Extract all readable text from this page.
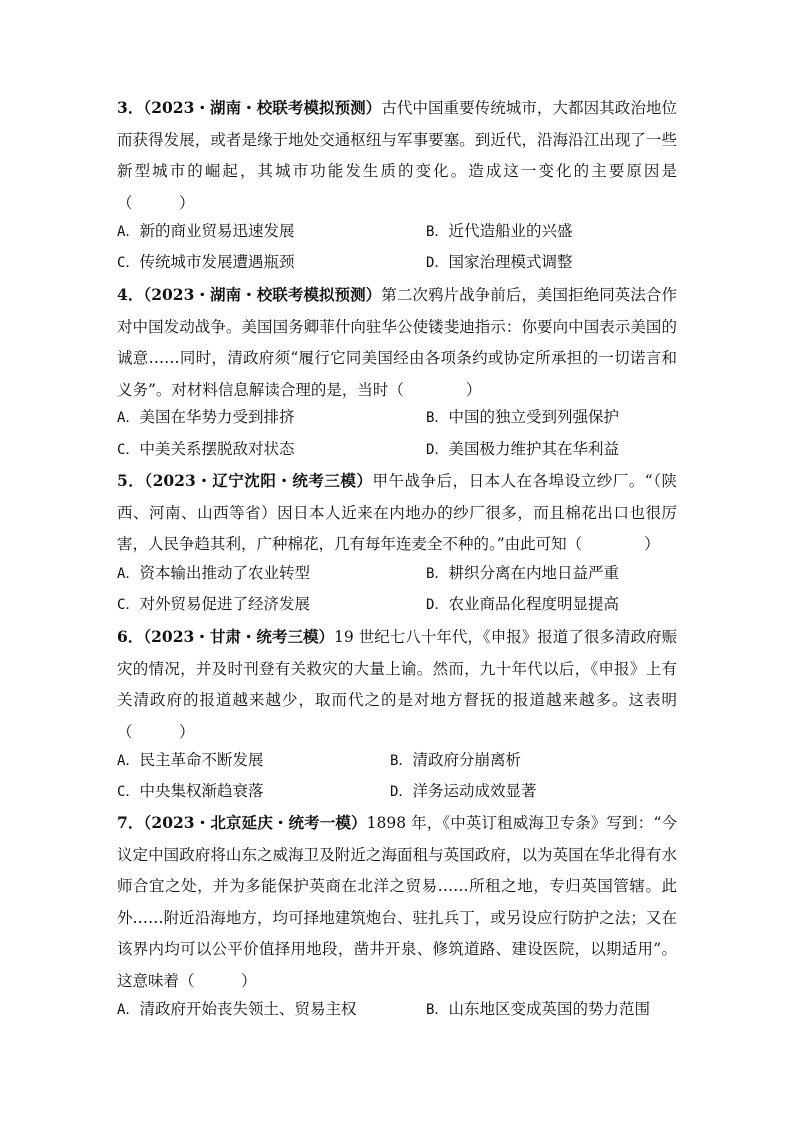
3．（2023・湖南・校联考模拟预测）古代中国重要传统城市，大都因其政治地位而获得发展，或者是缘于地处交通枢纽与军事要塞。到近代，沿海沿江出现了一些新型城市的崛起，其城市功能发生质的变化。造成这一变化的主要原因是（　　　）
A．新的商业贸易迅速发展	B．近代造船业的兴盛
C．传统城市发展遭遇瓶颈	D．国家治理模式调整
4．（2023・湖南・校联考模拟预测）第二次鸦片战争前后，美国拒绝同英法合作对中国发动战争。美国国务卿菲什向驻华公使镂斐迪指示：你要向中国表示美国的诚意……同时，清政府须“履行它同美国经由各项条约或协定所承担的一切诺言和义务”。对材料信息解读合理的是，当时（　　　　）
A．美国在华势力受到排挤	B．中国的独立受到列强保护
C．中美关系摆脱敌对状态	D．美国极力维护其在华利益
5．（2023・辽宁沈阳・统考三模）甲午战争后，日本人在各埠设立纱厂。“（陕西、河南、山西等省）因日本人近来在内地办的纱厂很多，而且棉花出口也很厉害，人民争趋其利，广种棉花，几有每年连麦全不种的。”由此可知（　　　　）
A．资本输出推动了农业转型	B．耕织分离在内地日益严重
C．对外贸易促进了经济发展	D．农业商品化程度明显提高
6．（2023・甘肃・统考三模）19 世纪七八十年代，《申报》报道了很多清政府赈灾的情况，并及时刊登有关救灾的大量上谕。然而，九十年代以后，《申报》上有关清政府的报道越来越少，取而代之的是对地方督抚的报道越来越多。这表明（　　　）
A．民主革命不断发展	B．清政府分崩离析
C．中央集权渐趋衰落	D．洋务运动成效显著
7．（2023・北京延庆・统考一模）1898 年，《中英订租威海卫专条》写到：“今议定中国政府将山东之威海卫及附近之海面租与英国政府，以为英国在华北得有水师合宜之处，并为多能保护英商在北洋之贸易……所租之地，专归英国管辖。此外……附近沿海地方，均可择地建筑炮台、驻扎兵丁，或另设应行防护之法；又在该界内均可以公平价值择用地段，凿井开泉、修筑道路、建设医院，以期适用”。这意味着（　　　）
A．清政府开始丧失领土、贸易主权	B．山东地区变成英国的势力范围
